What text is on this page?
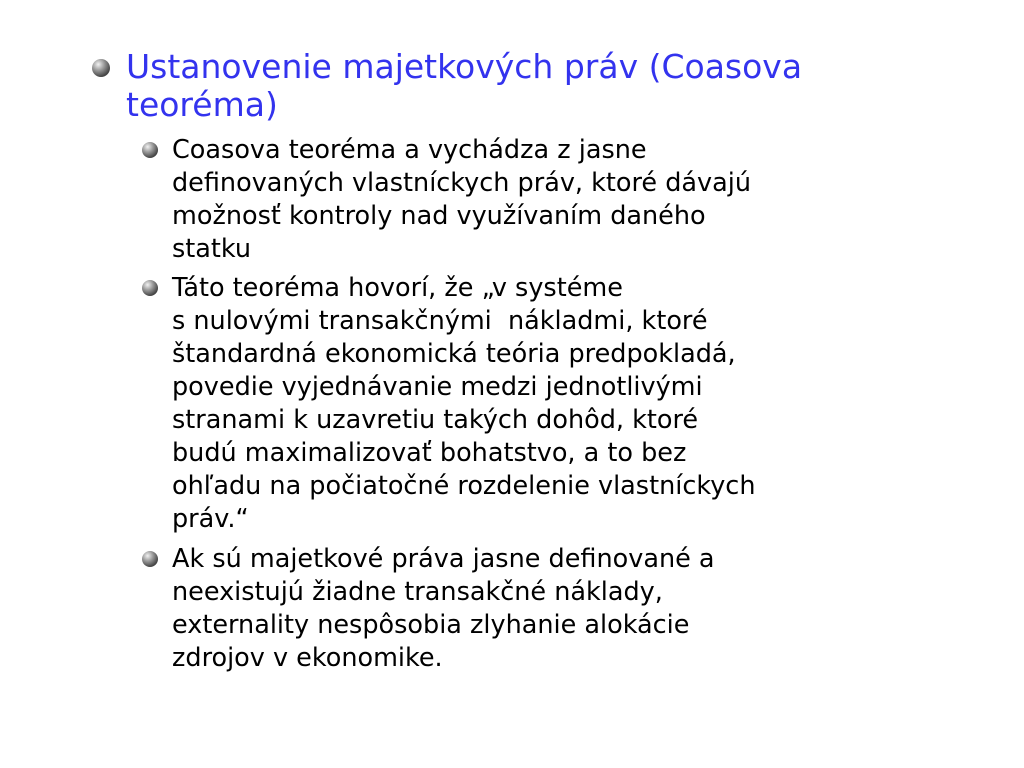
Ustanovenie majetkových práv (Coasova
teoréma)
Coasova teoréma a vychádza z jasne
definovaných vlastníckych práv, ktoré dávajú
možnosť kontroly nad využívaním daného
statku
Táto teoréma hovorí, že „v systéme
s nulovými transakčnými  nákladmi, ktoré
štandardná ekonomická teória predpokladá,
povedie vyjednávanie medzi jednotlivými
stranami k uzavretiu takých dohôd, ktoré
budú maximalizovať bohatstvo, a to bez
ohľadu na počiatočné rozdelenie vlastníckych
práv.“
Ak sú majetkové práva jasne definované a
neexistujú žiadne transakčné náklady,
externality nespôsobia zlyhanie alokácie
zdrojov v ekonomike.
